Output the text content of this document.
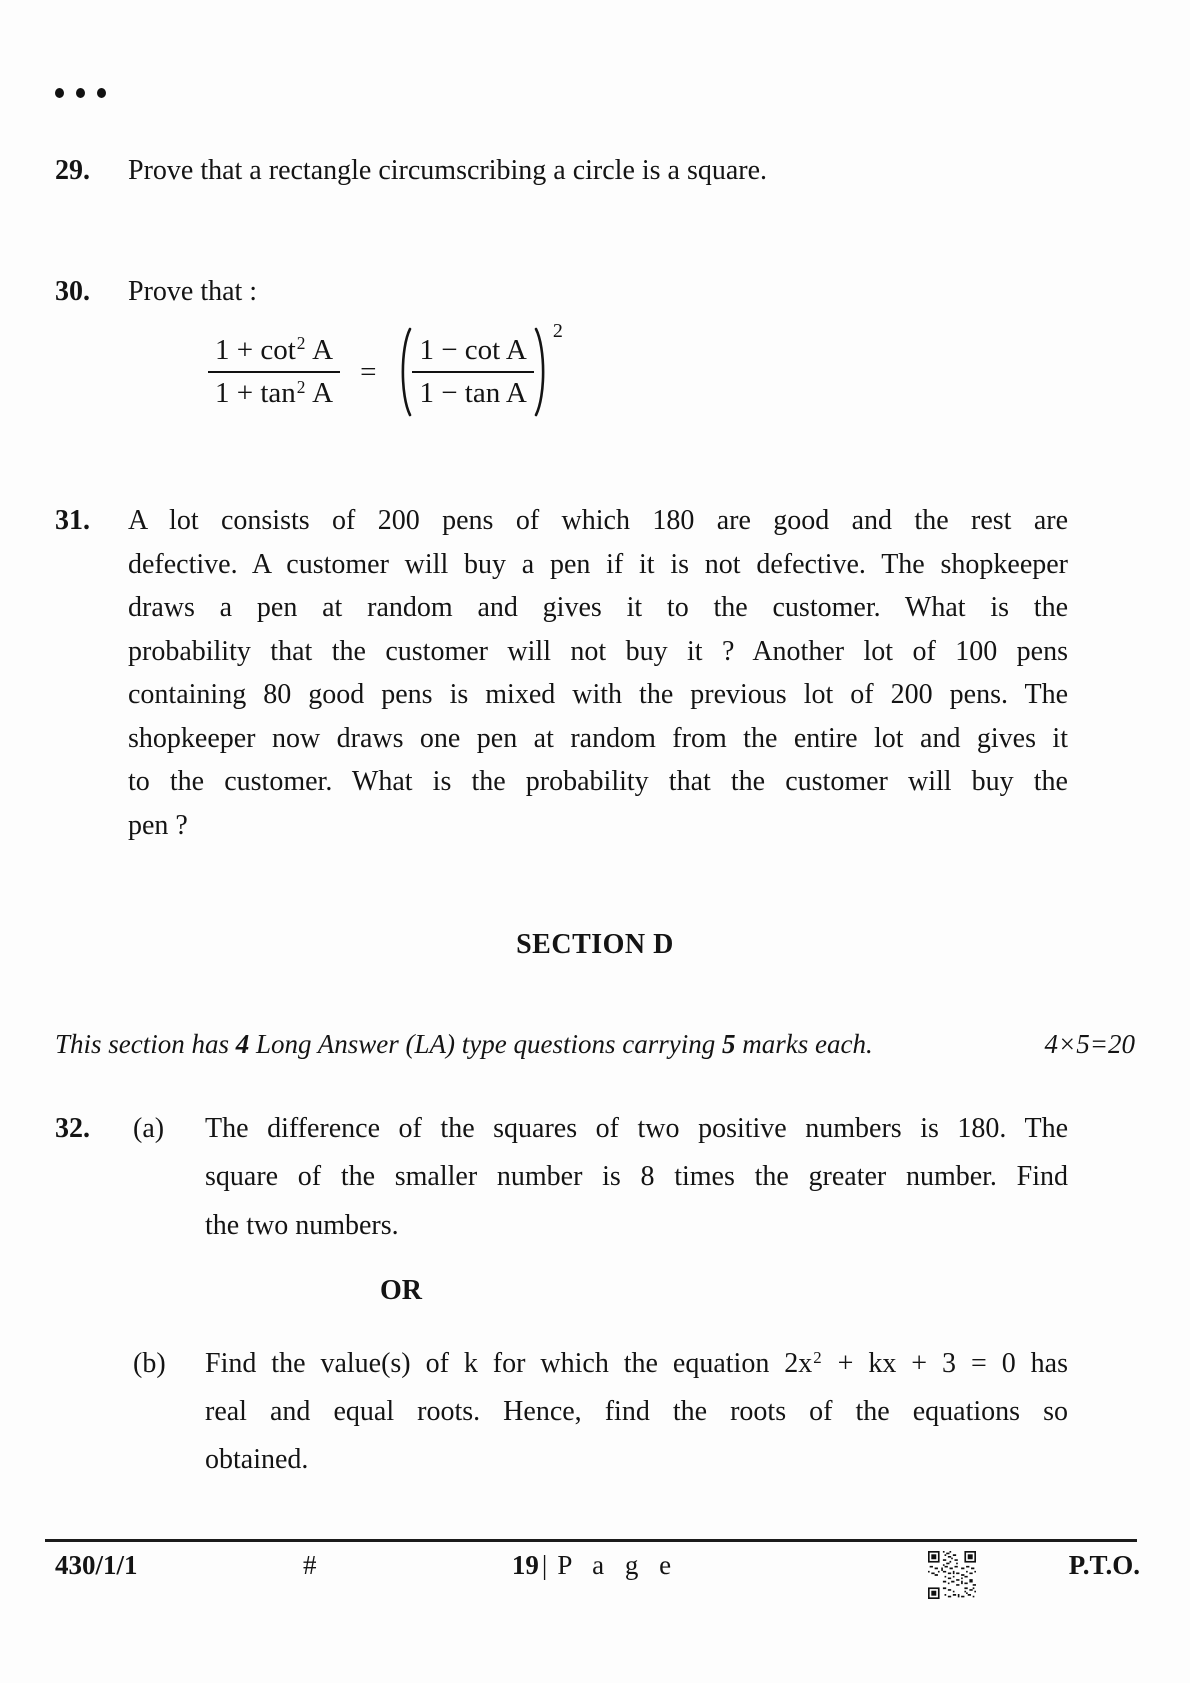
29. Prove that a rectangle circumscribing a circle is a square.
30. Prove that :
$\frac{1 + \cot^2 A}{1 + \tan^2 A} = \frac{\text{1 − cot A}}{\text{1 − tan A}}$
2
31. A lot consists of 200 pens of which 180 are good and the rest are
defective. A customer will buy a pen if it is not defective. The shopkeeper
draws a pen at random and gives it to the customer. What is the
probability that the customer will not buy it ? Another lot of 100 pens
containing 80 good pens is mixed with the previous lot of 200 pens. The
shopkeeper now draws one pen at random from the entire lot and gives it
to the customer. What is the probability that the customer will buy the
pen ?
SECTION D
This section has 4 Long Answer (LA) type questions carrying 5 marks each.	4×5=20
32. (a) The difference of the squares of two positive numbers is 180. The
square of the smaller number is 8 times the greater number. Find
the two numbers.
OR
(b) Find the value(s) of k for which the equation $2x^2$ + kx + 3 = 0 has
real and equal roots. Hence, find the roots of the equations so
obtained.
430/1/1	#	19 | P a g e	P.T.O.
